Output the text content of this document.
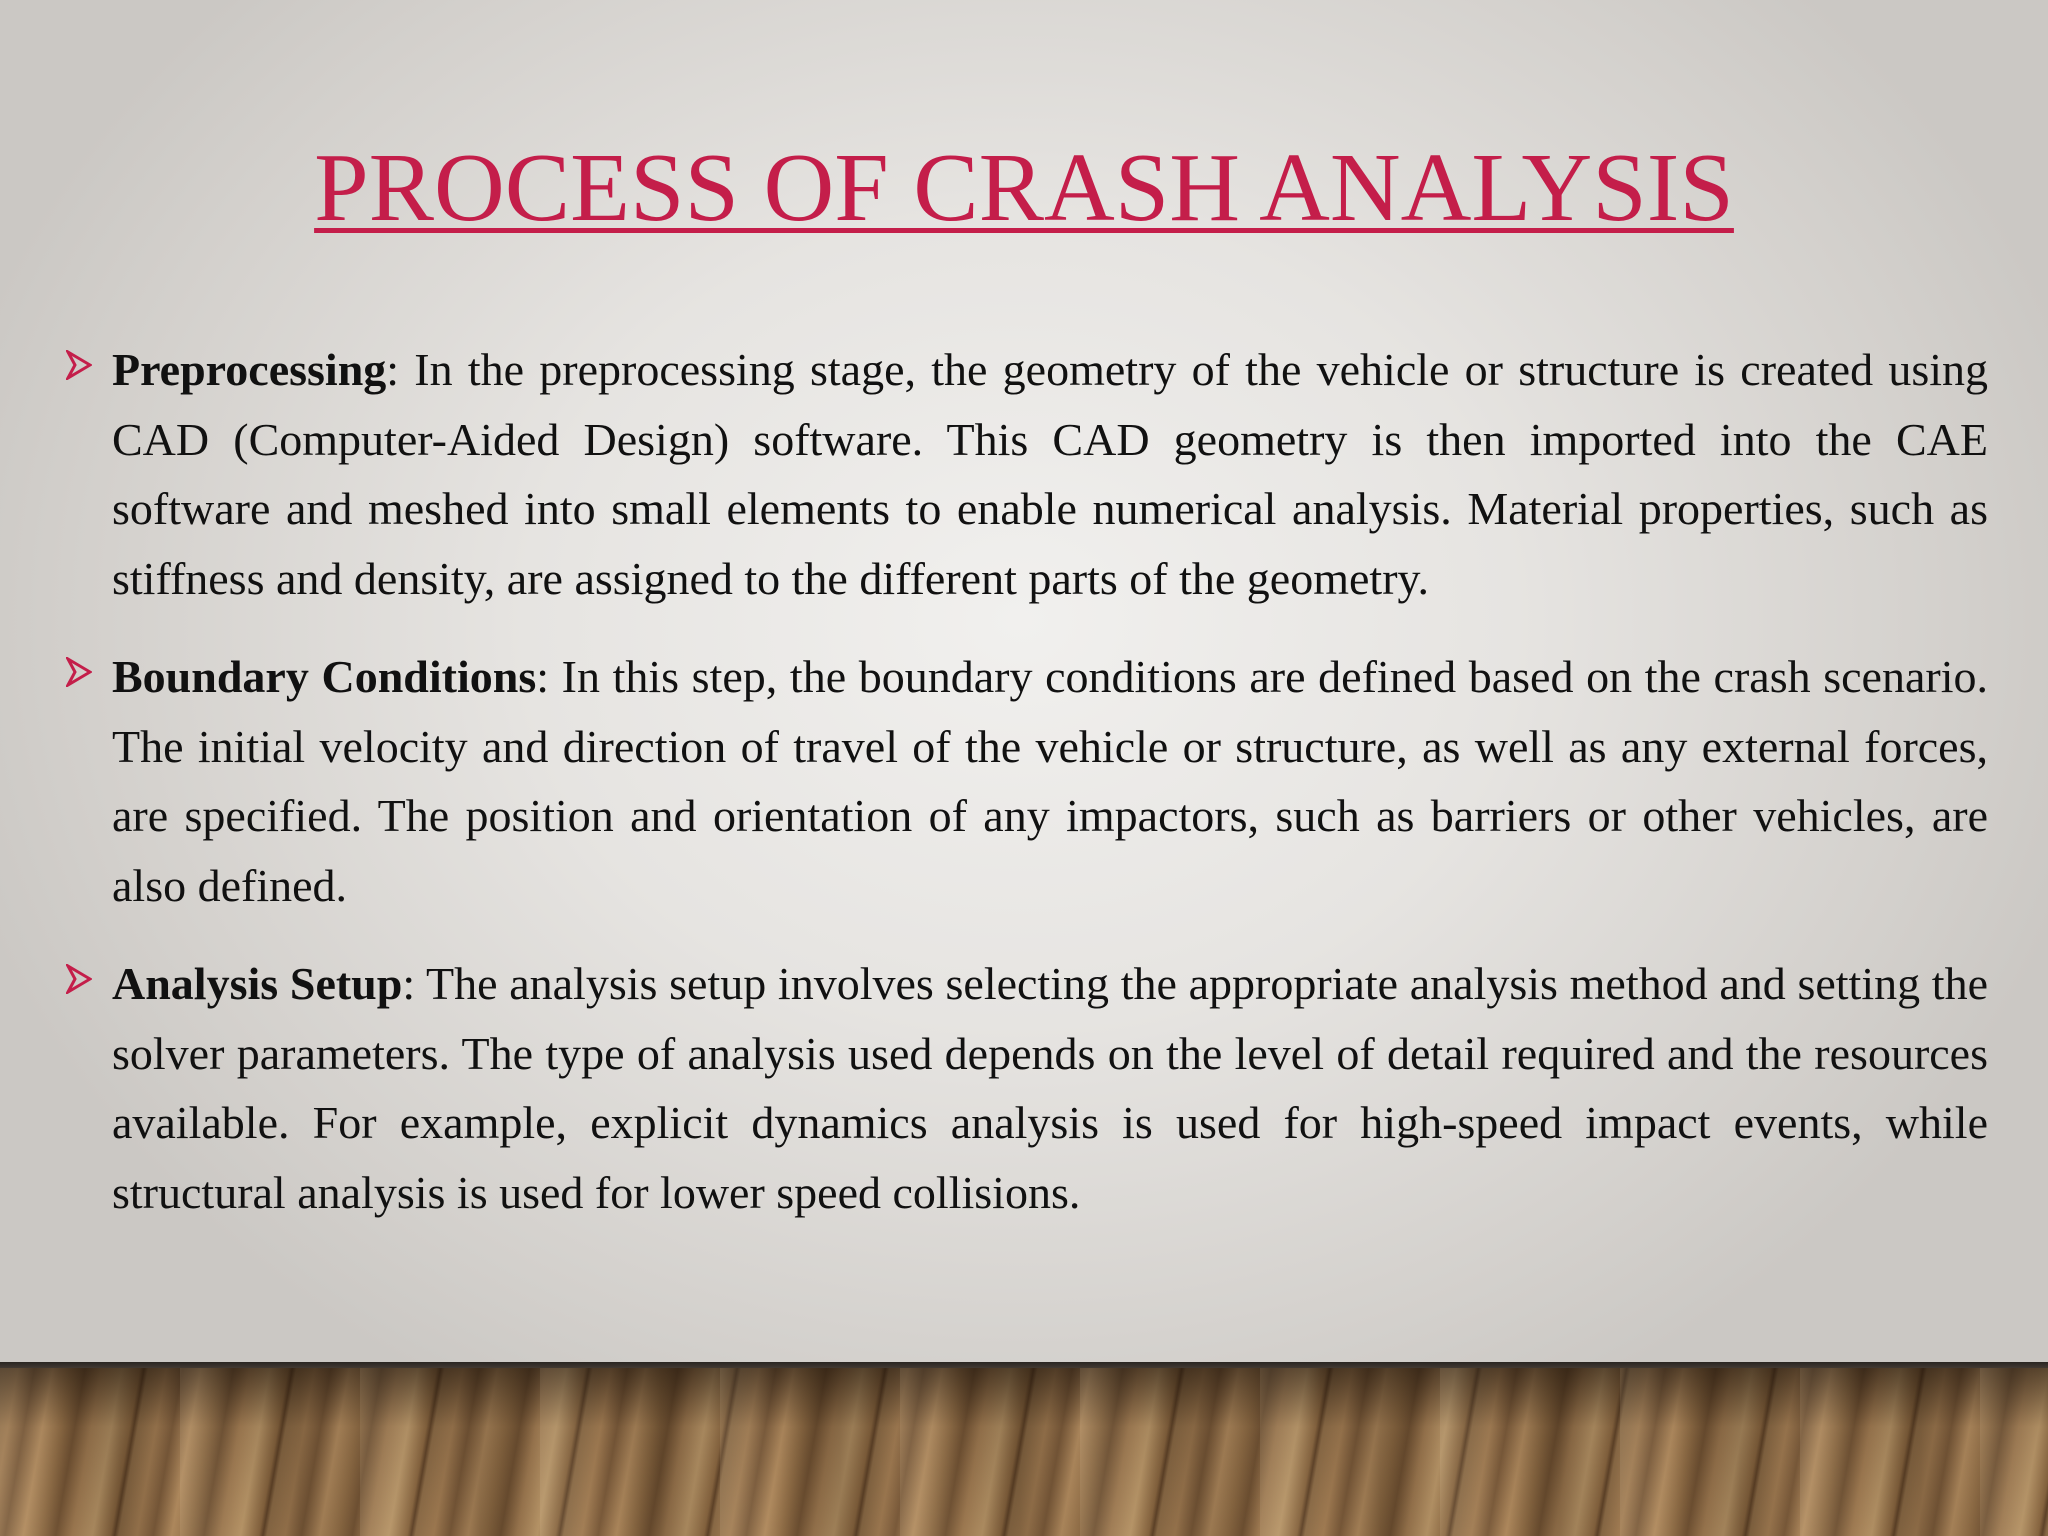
PROCESS OF CRASH ANALYSIS
Preprocessing: In the preprocessing stage, the geometry of the vehicle or structure is created using CAD (Computer-Aided Design) software. This CAD geometry is then imported into the CAE software and meshed into small elements to enable numerical analysis. Material properties, such as stiffness and density, are assigned to the different parts of the geometry.
Boundary Conditions: In this step, the boundary conditions are defined based on the crash scenario. The initial velocity and direction of travel of the vehicle or structure, as well as any external forces, are specified. The position and orientation of any impactors, such as barriers or other vehicles, are also defined.
Analysis Setup: The analysis setup involves selecting the appropriate analysis method and setting the solver parameters. The type of analysis used depends on the level of detail required and the resources available. For example, explicit dynamics analysis is used for high-speed impact events, while structural analysis is used for lower speed collisions.
